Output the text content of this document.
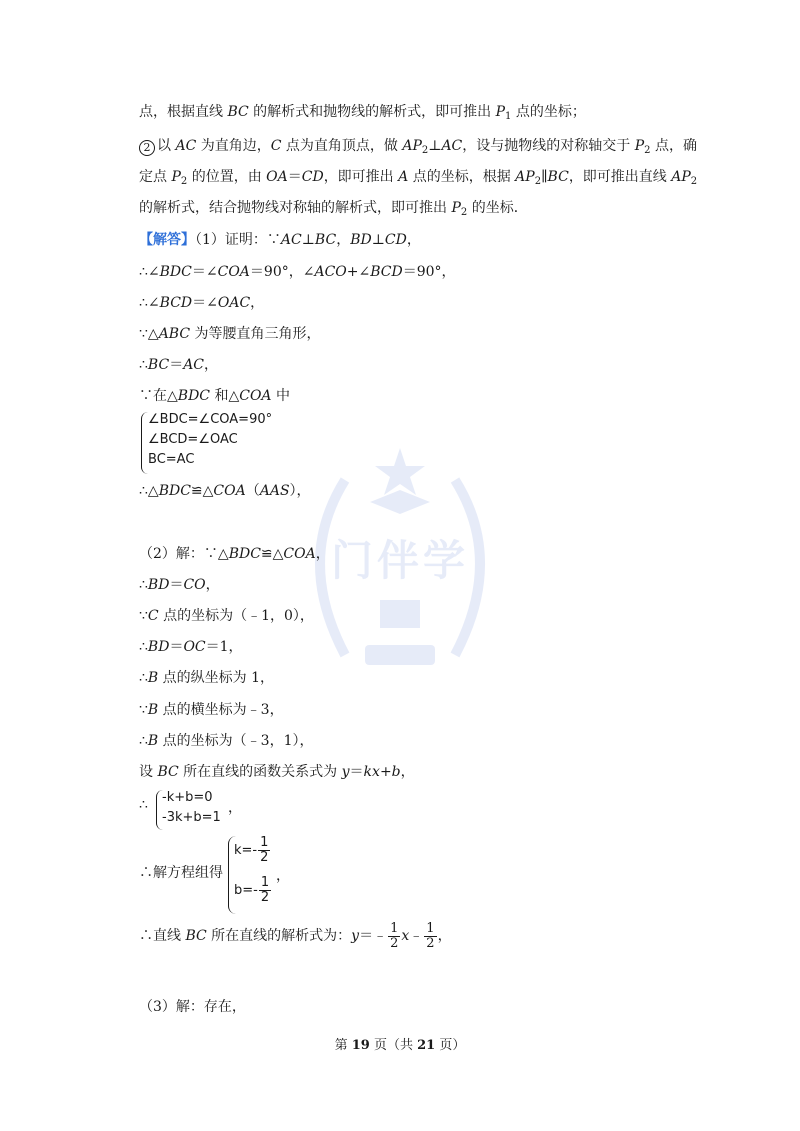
门伴学
点，根据直线 BC 的解析式和抛物线的解析式，即可推出 $P_1$ 点的坐标；
2 以 AC 为直角边，C 点为直角顶点，做 $AP_2\perp AC$，设与抛物线的对称轴交于 $P_2$ 点，确
定点 $P_2$ 的位置，由 OA＝CD，即可推出 A 点的坐标，根据 $AP_2\parallel BC$，即可推出直线 $AP_2$
的解析式，结合抛物线对称轴的解析式，即可推出 $P_2$ 的坐标．
【解答】（1）证明：∵AC⊥BC，BD⊥CD，
∴∠BDC＝∠COA＝90°，∠ACO+∠BCD＝90°，
∴∠BCD＝∠OAC，
∵△ABC 为等腰直角三角形，
∴BC＝AC，
∵在△BDC 和△COA 中
∠BDC=∠COA=90°
∠BCD=∠OAC
BC=AC
∴△BDC≌△COA（AAS），
（2）解：∵△BDC≌△COA，
∴BD＝CO，
∵C 点的坐标为（﹣1，0），
∴BD＝OC＝1，
∴B 点的纵坐标为 1，
∵B 点的横坐标为﹣3，
∴B 点的坐标为（﹣3，1），
设 BC 所在直线的函数关系式为 y＝kx+b，
∴ -k+b=0
-3k+b=1
，
∴解方程组得
$k=- \frac{1}{2}$
$b=- \frac{1}{2}$ ，
∴直线 BC 所在直线的解析式为：y＝﹣ $\frac{1}{2}$ x﹣ $\frac{1}{2}$ ，
（3）解：存在，
第 19 页（共 21 页）
